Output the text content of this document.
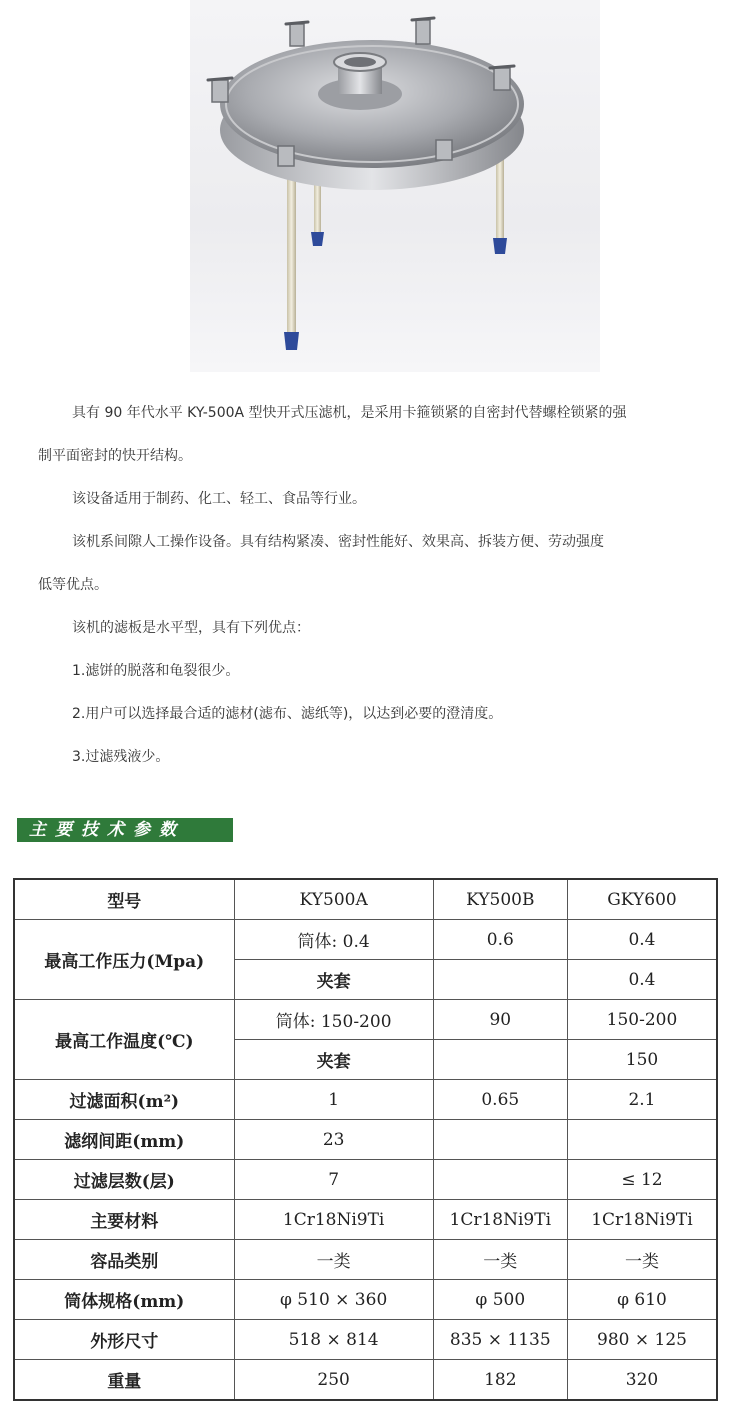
具有 90 年代水平 KY-500A 型快开式压滤机，是采用卡箍锁紧的自密封代替螺栓锁紧的强

制平面密封的快开结构。

该设备适用于制药、化工、轻工、食品等行业。

该机系间隙人工操作设备。具有结构紧凑、密封性能好、效果高、拆装方便、劳动强度

低等优点。

该机的滤板是水平型，具有下列优点：

1.滤饼的脱落和龟裂很少。

2.用户可以选择最合适的滤材(滤布、滤纸等)，以达到必要的澄清度。

3.过滤残液少。

主要技术参数
型号	KY500A	KY500B	GKY600
最高工作压力(Mpa)	筒体: 0.4	0.6	0.4
	夹套		0.4
最高工作温度(℃)	筒体: 150-200	90	150-200
	夹套		150
过滤面积(m²)	1	0.65	2.1
滤纲间距(mm)	23		
过滤层数(层)	7		≤ 12
主要材料	1Cr18Ni9Ti	1Cr18Ni9Ti	1Cr18Ni9Ti
容品类别	一类	一类	一类
筒体规格(mm)	φ 510 × 360	φ 500	φ 610
外形尺寸	518 × 814	835 × 1135	980 × 125
重量	250	182	320
